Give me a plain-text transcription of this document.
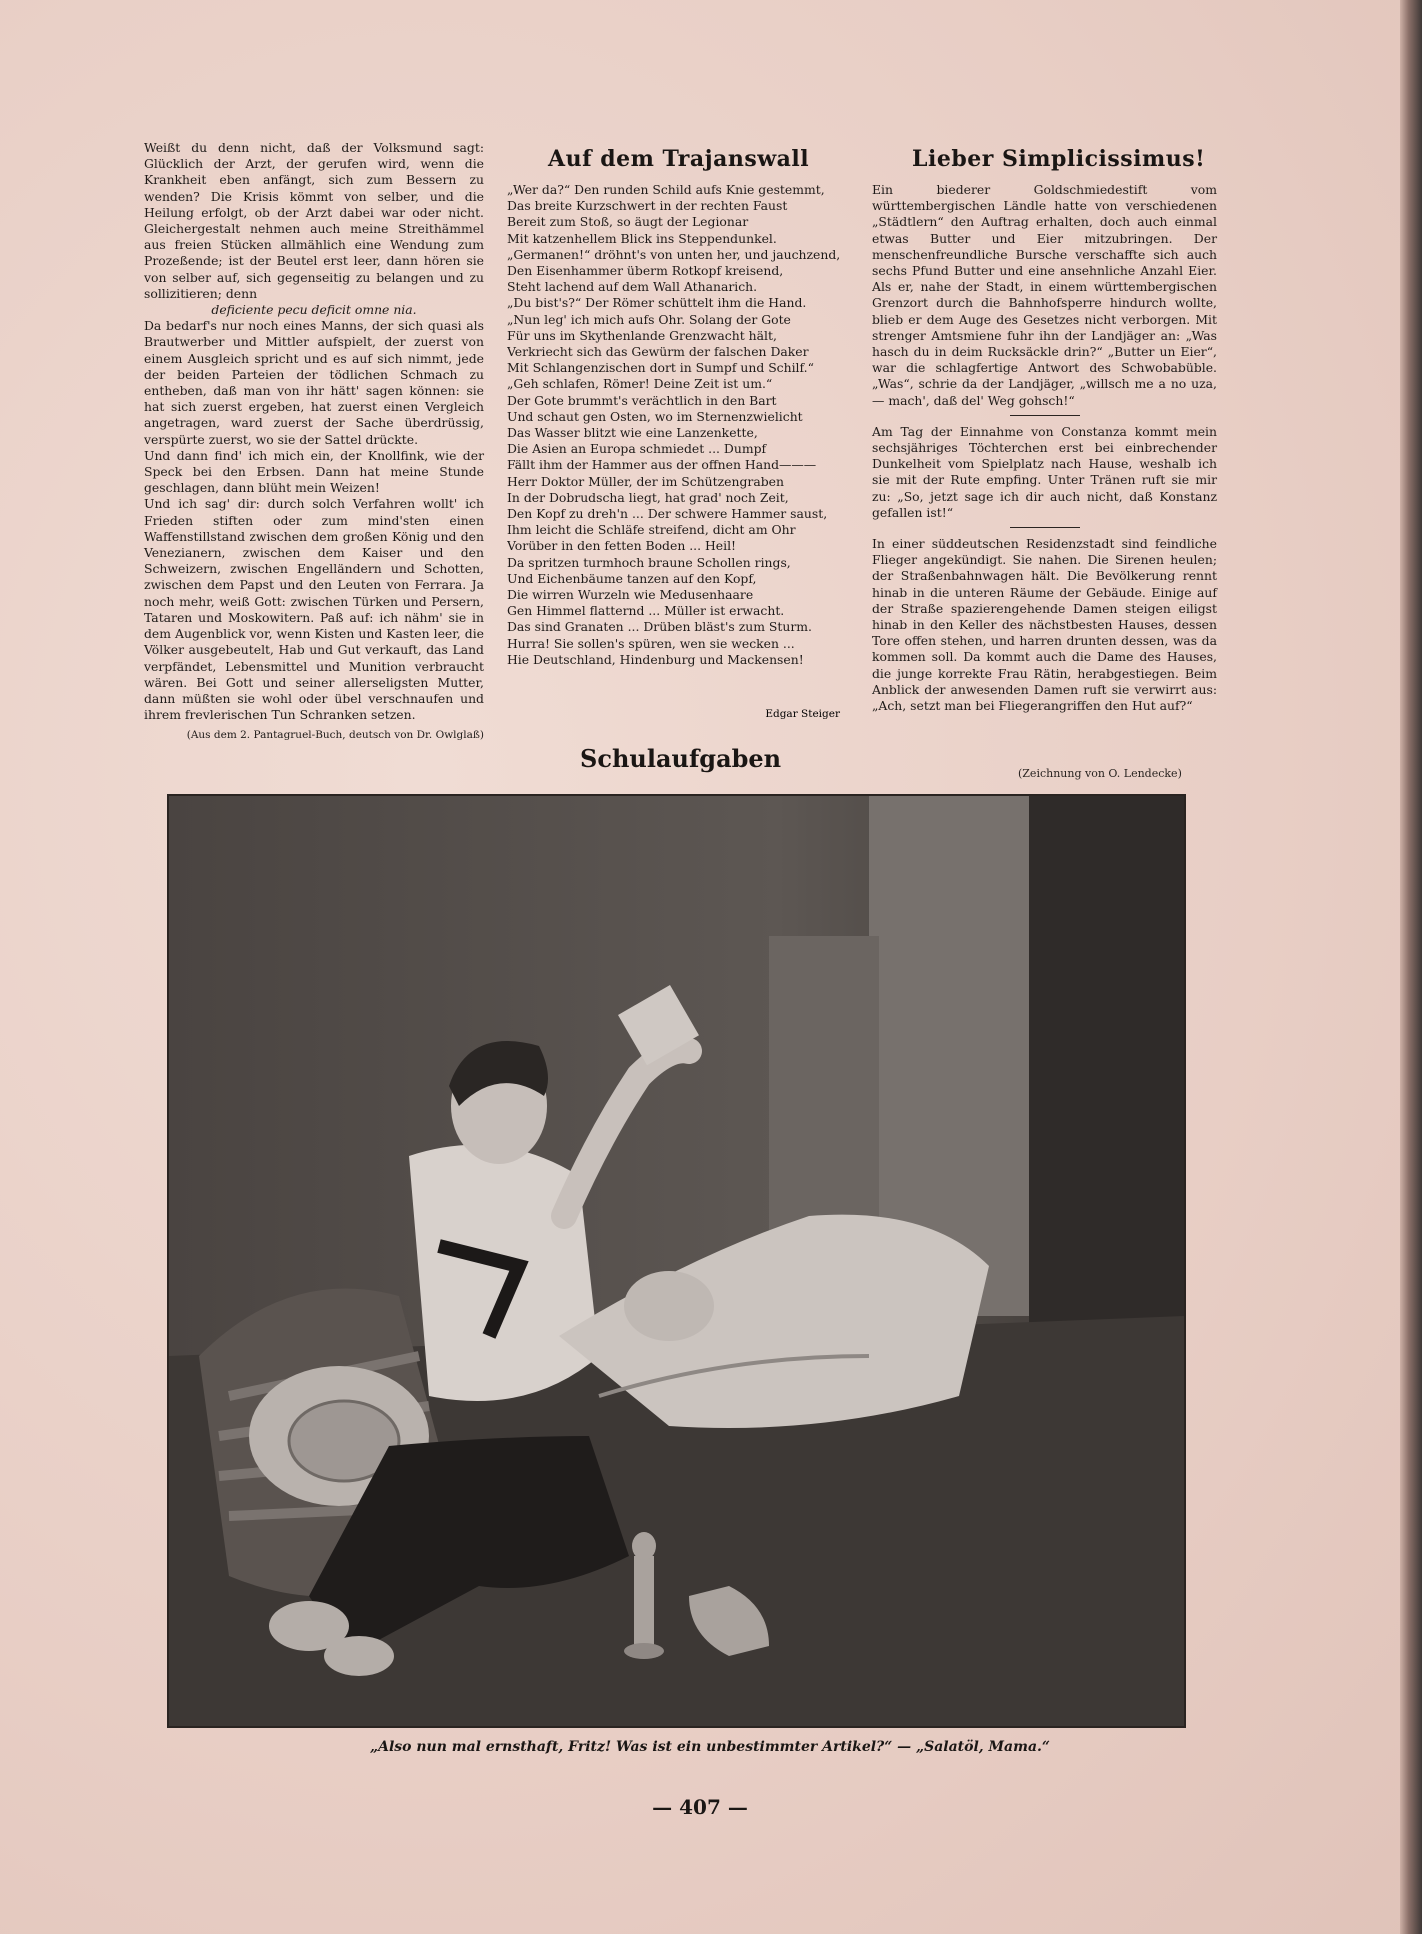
Weißt du denn nicht, daß der Volksmund sagt: Glücklich der Arzt, der gerufen wird, wenn die Krankheit eben anfängt, sich zum Bessern zu wenden? Die Krisis kömmt von selber, und die Heilung erfolgt, ob der Arzt dabei war oder nicht. Gleichergestalt nehmen auch meine Streithämmel aus freien Stücken allmählich eine Wendung zum Prozeßende; ist der Beutel erst leer, dann hören sie von selber auf, sich gegenseitig zu belangen und zu sollizitieren; denn

deficiente pecu deficit omne nia.

Da bedarf's nur noch eines Manns, der sich quasi als Brautwerber und Mittler aufspielt, der zuerst von einem Ausgleich spricht und es auf sich nimmt, jede der beiden Parteien der tödlichen Schmach zu entheben, daß man von ihr hätt' sagen können: sie hat sich zuerst ergeben, hat zuerst einen Vergleich angetragen, ward zuerst der Sache überdrüssig, verspürte zuerst, wo sie der Sattel drückte.

Und dann find' ich mich ein, der Knollfink, wie der Speck bei den Erbsen. Dann hat meine Stunde geschlagen, dann blüht mein Weizen!

Und ich sag' dir: durch solch Verfahren wollt' ich Frieden stiften oder zum mind'sten einen Waffenstillstand zwischen dem großen König und den Venezianern, zwischen dem Kaiser und den Schweizern, zwischen Engelländern und Schotten, zwischen dem Papst und den Leuten von Ferrara. Ja noch mehr, weiß Gott: zwischen Türken und Persern, Tataren und Moskowitern. Paß auf: ich nähm' sie in dem Augenblick vor, wenn Kisten und Kasten leer, die Völker ausgebeutelt, Hab und Gut verkauft, das Land verpfändet, Lebensmittel und Munition verbraucht wären. Bei Gott und seiner allerseligsten Mutter, dann müßten sie wohl oder übel verschnaufen und ihrem frevlerischen Tun Schranken setzen.

(Aus dem 2. Pantagruel-Buch, deutsch von Dr. Owlglaß)
Auf dem Trajanswall
„Wer da?“ Den runden Schild aufs Knie gestemmt,
Das breite Kurzschwert in der rechten Faust
Bereit zum Stoß, so äugt der Legionar
Mit katzenhellem Blick ins Steppendunkel.
„Germanen!“ dröhnt's von unten her, und jauchzend,
Den Eisenhammer überm Rotkopf kreisend,
Steht lachend auf dem Wall Athanarich.
„Du bist's?“ Der Römer schüttelt ihm die Hand.
„Nun leg' ich mich aufs Ohr. Solang der Gote
Für uns im Skythenlande Grenzwacht hält,
Verkriecht sich das Gewürm der falschen Daker
Mit Schlangenzischen dort in Sumpf und Schilf.“
„Geh schlafen, Römer! Deine Zeit ist um.“
Der Gote brummt's verächtlich in den Bart
Und schaut gen Osten, wo im Sternenzwielicht
Das Wasser blitzt wie eine Lanzenkette,
Die Asien an Europa schmiedet ... Dumpf
Fällt ihm der Hammer aus der offnen Hand———
Herr Doktor Müller, der im Schützengraben
In der Dobrudscha liegt, hat grad' noch Zeit,
Den Kopf zu dreh'n ... Der schwere Hammer saust,
Ihm leicht die Schläfe streifend, dicht am Ohr
Vorüber in den fetten Boden ... Heil!
Da spritzen turmhoch braune Schollen rings,
Und Eichenbäume tanzen auf den Kopf,
Die wirren Wurzeln wie Medusenhaare
Gen Himmel flatternd ... Müller ist erwacht.
Das sind Granaten ... Drüben bläst's zum Sturm.
Hurra! Sie sollen's spüren, wen sie wecken ...
Hie Deutschland, Hindenburg und Mackensen!
Edgar Steiger
Lieber Simplicissimus!

Ein biederer Goldschmiedestift vom württembergischen Ländle hatte von verschiedenen „Städtlern“ den Auftrag erhalten, doch auch einmal etwas Butter und Eier mitzubringen. Der menschenfreundliche Bursche verschaffte sich auch sechs Pfund Butter und eine ansehnliche Anzahl Eier. Als er, nahe der Stadt, in einem württembergischen Grenzort durch die Bahnhofsperre hindurch wollte, blieb er dem Auge des Gesetzes nicht verborgen. Mit strenger Amtsmiene fuhr ihn der Landjäger an: „Was hasch du in deim Rucksäckle drin?“ „Butter un Eier“, war die schlagfertige Antwort des Schwobabüble. „Was“, schrie da der Landjäger, „willsch me a no uza, — mach', daß del' Weg gohsch!“

Am Tag der Einnahme von Constanza kommt mein sechsjähriges Töchterchen erst bei einbrechender Dunkelheit vom Spielplatz nach Hause, weshalb ich sie mit der Rute empfing. Unter Tränen ruft sie mir zu: „So, jetzt sage ich dir auch nicht, daß Konstanz gefallen ist!“

In einer süddeutschen Residenzstadt sind feindliche Flieger angekündigt. Sie nahen. Die Sirenen heulen; der Straßenbahnwagen hält. Die Bevölkerung rennt hinab in die unteren Räume der Gebäude. Einige auf der Straße spazierengehende Damen steigen eiligst hinab in den Keller des nächstbesten Hauses, dessen Tore offen stehen, und harren drunten dessen, was da kommen soll. Da kommt auch die Dame des Hauses, die junge korrekte Frau Rätin, herabgestiegen. Beim Anblick der anwesenden Damen ruft sie verwirrt aus: „Ach, setzt man bei Fliegerangriffen den Hut auf?“

Schulaufgaben
(Zeichnung von O. Lendecke)
„Also nun mal ernsthaft, Fritz! Was ist ein unbestimmter Artikel?“ — „Salatöl, Mama.“
— 407 —
